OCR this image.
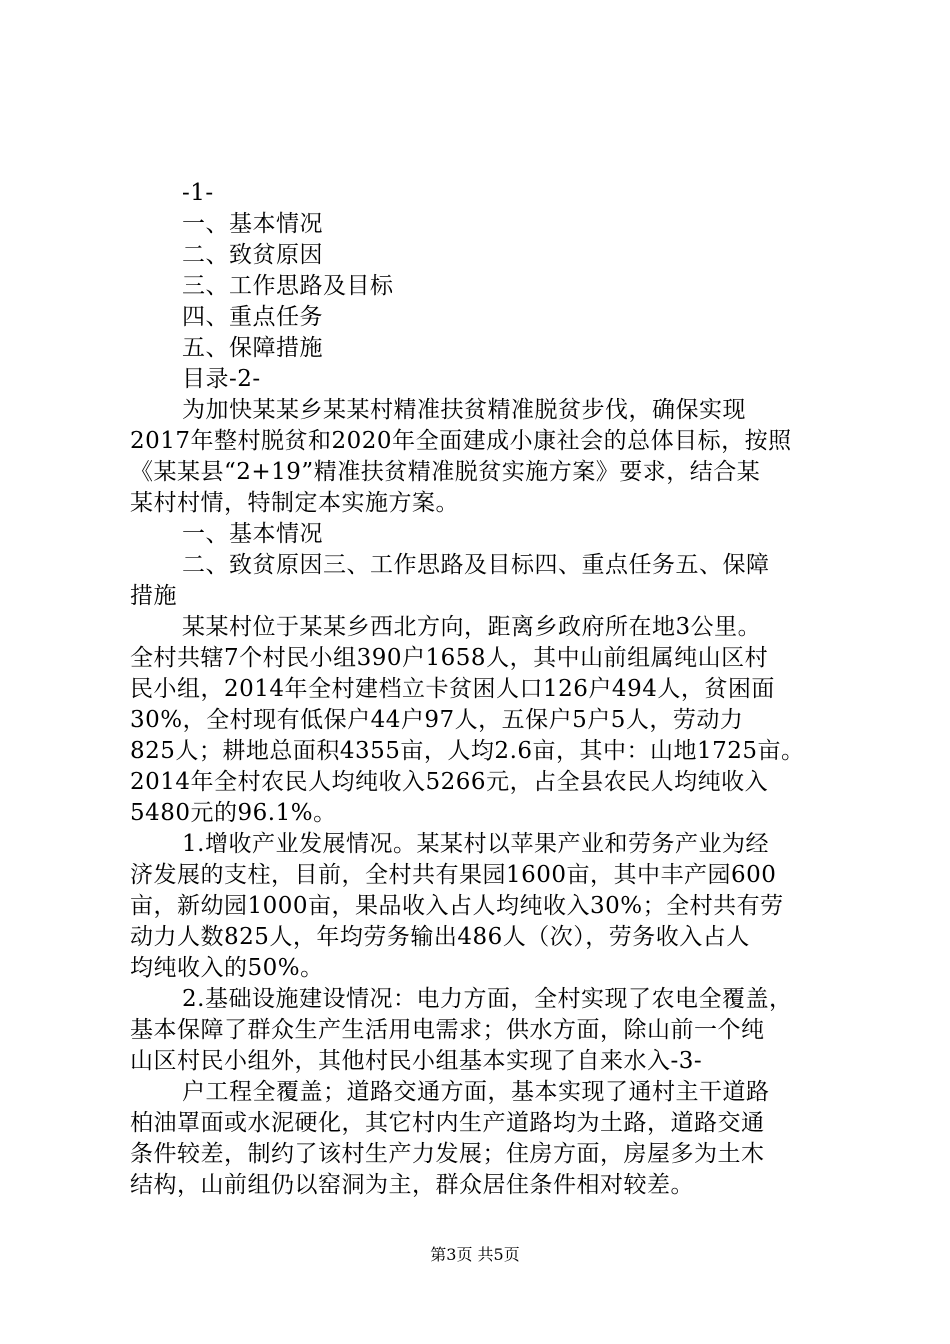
-1-
一、基本情况
二、致贫原因
三、工作思路及目标
四、重点任务
五、保障措施
目录-2-
为加快某某乡某某村精准扶贫精准脱贫步伐，确保实现
2017年整村脱贫和2020年全面建成小康社会的总体目标，按照
《某某县“2+19”精准扶贫精准脱贫实施方案》要求，结合某
某村村情，特制定本实施方案。
一、基本情况
二、致贫原因三、工作思路及目标四、重点任务五、保障
措施
某某村位于某某乡西北方向，距离乡政府所在地3公里。
全村共辖7个村民小组390户1658人，其中山前组属纯山区村
民小组，2014年全村建档立卡贫困人口126户494人，贫困面
30%，全村现有低保户44户97人，五保户5户5人，劳动力
825人；耕地总面积4355亩，人均2.6亩，其中：山地1725亩。
2014年全村农民人均纯收入5266元，占全县农民人均纯收入
5480元的96.1%。
1.增收产业发展情况。某某村以苹果产业和劳务产业为经
济发展的支柱，目前，全村共有果园1600亩，其中丰产园600
亩，新幼园1000亩，果品收入占人均纯收入30%；全村共有劳
动力人数825人，年均劳务输出486人（次），劳务收入占人
均纯收入的50%。
2.基础设施建设情况：电力方面，全村实现了农电全覆盖，
基本保障了群众生产生活用电需求；供水方面，除山前一个纯
山区村民小组外，其他村民小组基本实现了自来水入-3-
户工程全覆盖；道路交通方面，基本实现了通村主干道路
柏油罩面或水泥硬化，其它村内生产道路均为土路，道路交通
条件较差，制约了该村生产力发展；住房方面，房屋多为土木
结构，山前组仍以窑洞为主，群众居住条件相对较差。
第3页 共5页
